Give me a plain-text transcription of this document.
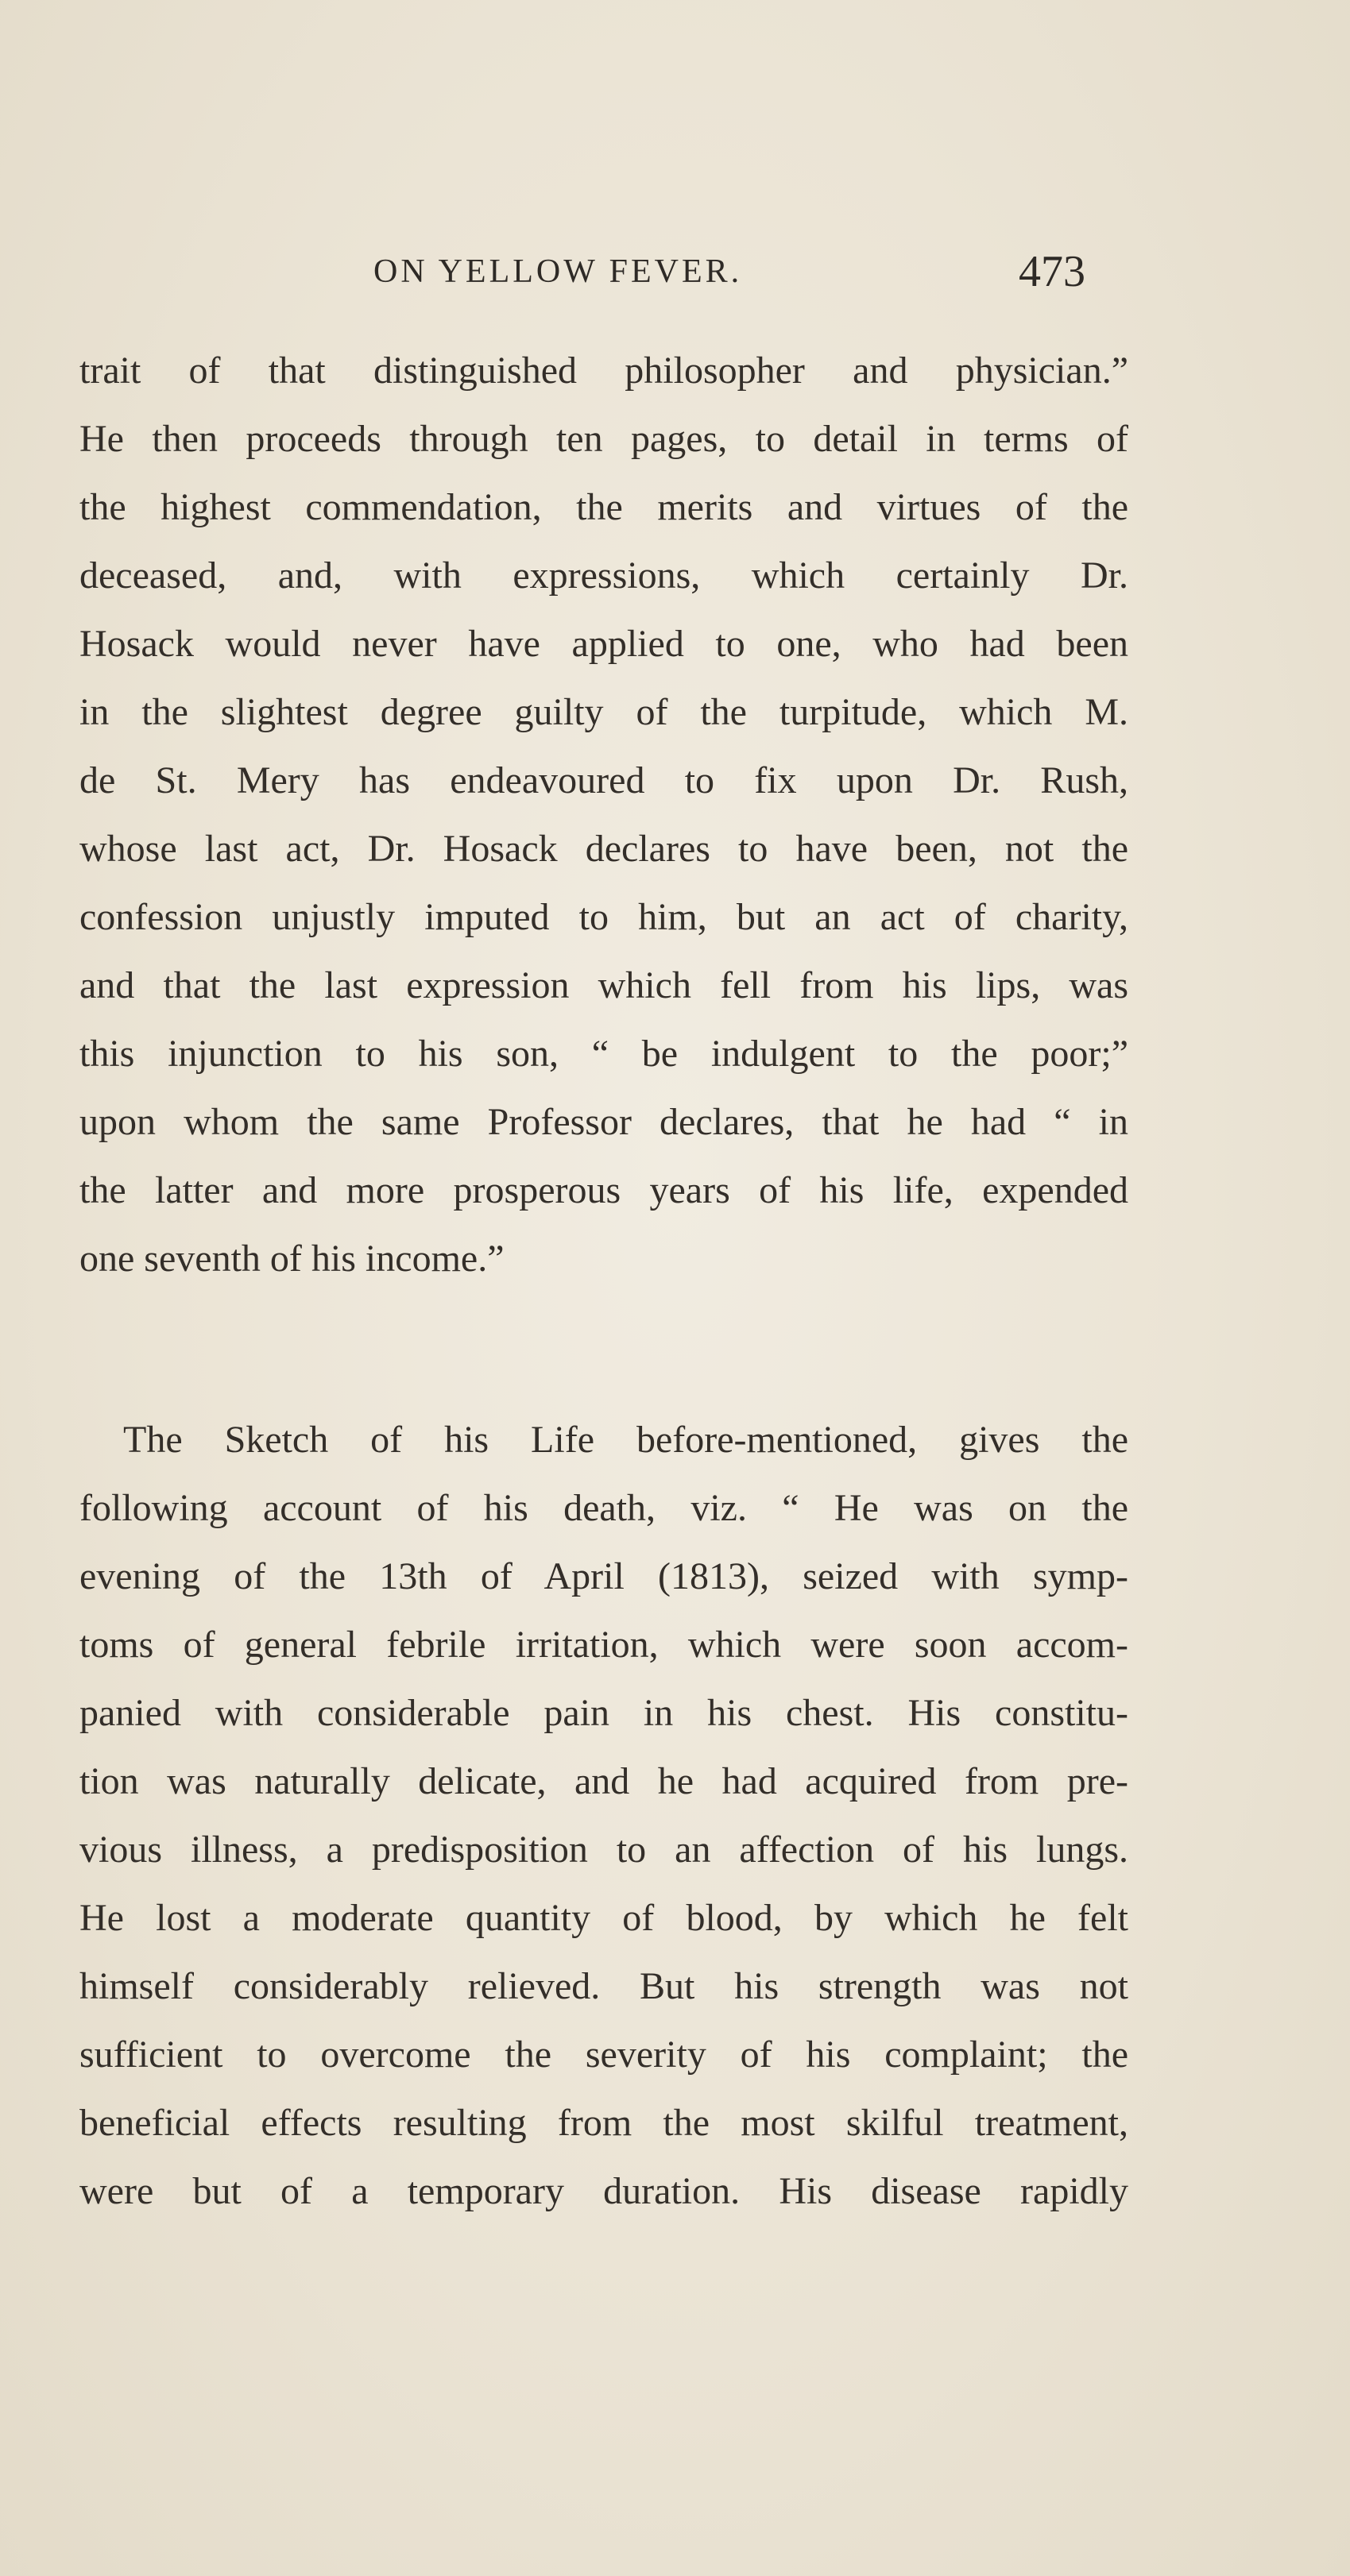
ON YELLOW FEVER.	473
trait of that distinguished philosopher and physician.”
He then proceeds through ten pages, to detail in terms of
the highest commendation, the merits and virtues of the
deceased, and, with expressions, which certainly Dr.
Hosack would never have applied to one, who had been
in the slightest degree guilty of the turpitude, which M.
de St. Mery has endeavoured to fix upon Dr. Rush,
whose last act, Dr. Hosack declares to have been, not the
confession unjustly imputed to him, but an act of charity,
and that the last expression which fell from his lips, was
this injunction to his son, “ be indulgent to the poor;”
upon whom the same Professor declares, that he had “ in
the latter and more prosperous years of his life, expended
one seventh of his income.”
The Sketch of his Life before-mentioned, gives the
following account of his death, viz. “ He was on the
evening of the 13th of April (1813), seized with symp-
toms of general febrile irritation, which were soon accom-
panied with considerable pain in his chest. His constitu-
tion was naturally delicate, and he had acquired from pre-
vious illness, a predisposition to an affection of his lungs.
He lost a moderate quantity of blood, by which he felt
himself considerably relieved. But his strength was not
sufficient to overcome the severity of his complaint; the
beneficial effects resulting from the most skilful treatment,
were but of a temporary duration. His disease rapidly
